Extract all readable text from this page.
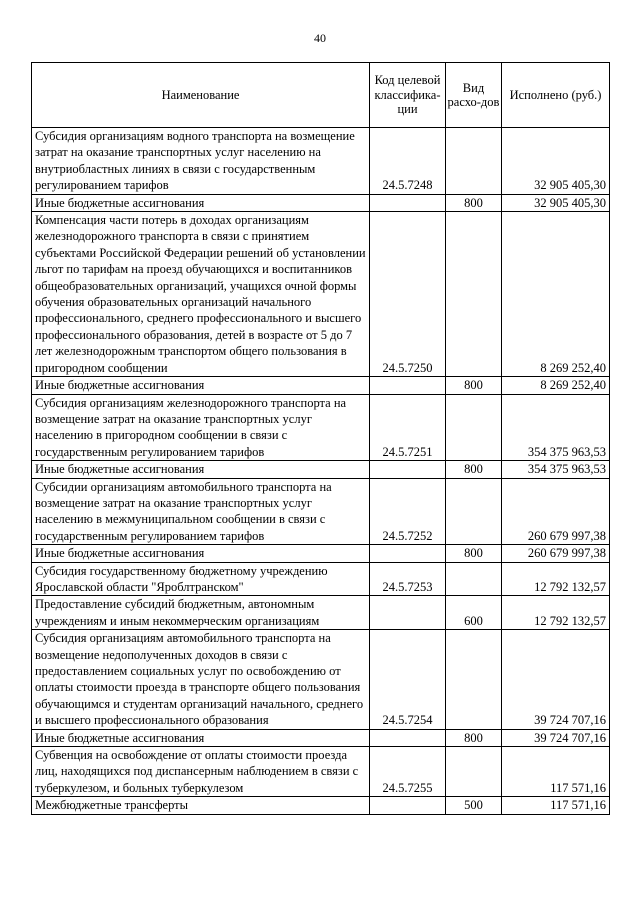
40
Наименование	Код целевой классифика-ции	Вид расхо-дов	Исполнено (руб.)
Субсидия организациям водного транспорта на возмещение затрат на оказание транспортных услуг населению на внутриобластных линиях в связи с государственным регулированием тарифов	24.5.7248		32 905 405,30
Иные бюджетные ассигнования		800	32 905 405,30
Компенсация части потерь в доходах организациям железнодорожного транспорта в связи с принятием субъектами Российской Федерации решений об установлении льгот по тарифам на проезд обучающихся и воспитанников общеобразовательных организаций, учащихся очной формы обучения образовательных организаций начального профессионального, среднего профессионального и высшего профессионального образования, детей в возрасте от 5 до 7 лет железнодорожным транспортом общего пользования в пригородном сообщении	24.5.7250		8 269 252,40
Иные бюджетные ассигнования		800	8 269 252,40
Субсидия организациям железнодорожного транспорта на возмещение затрат на оказание транспортных услуг населению в пригородном сообщении в связи с государственным регулированием тарифов	24.5.7251		354 375 963,53
Иные бюджетные ассигнования		800	354 375 963,53
Субсидии организациям автомобильного транспорта на возмещение затрат на оказание транспортных услуг населению в межмуниципальном сообщении в связи с государственным регулированием тарифов	24.5.7252		260 679 997,38
Иные бюджетные ассигнования		800	260 679 997,38
Субсидия государственному бюджетному учреждению Ярославской области "Яроблтранском"	24.5.7253		12 792 132,57
Предоставление субсидий бюджетным, автономным учреждениям и иным некоммерческим организациям		600	12 792 132,57
Субсидия организациям автомобильного транспорта на возмещение недополученных доходов в связи с предоставлением социальных услуг по освобождению от оплаты стоимости проезда в транспорте общего пользования обучающимся и студентам организаций начального, среднего и высшего профессионального образования	24.5.7254		39 724 707,16
Иные бюджетные ассигнования		800	39 724 707,16
Субвенция на освобождение от оплаты стоимости проезда лиц, находящихся под диспансерным наблюдением в связи с туберкулезом, и больных туберкулезом	24.5.7255		117 571,16
Межбюджетные трансферты		500	117 571,16
